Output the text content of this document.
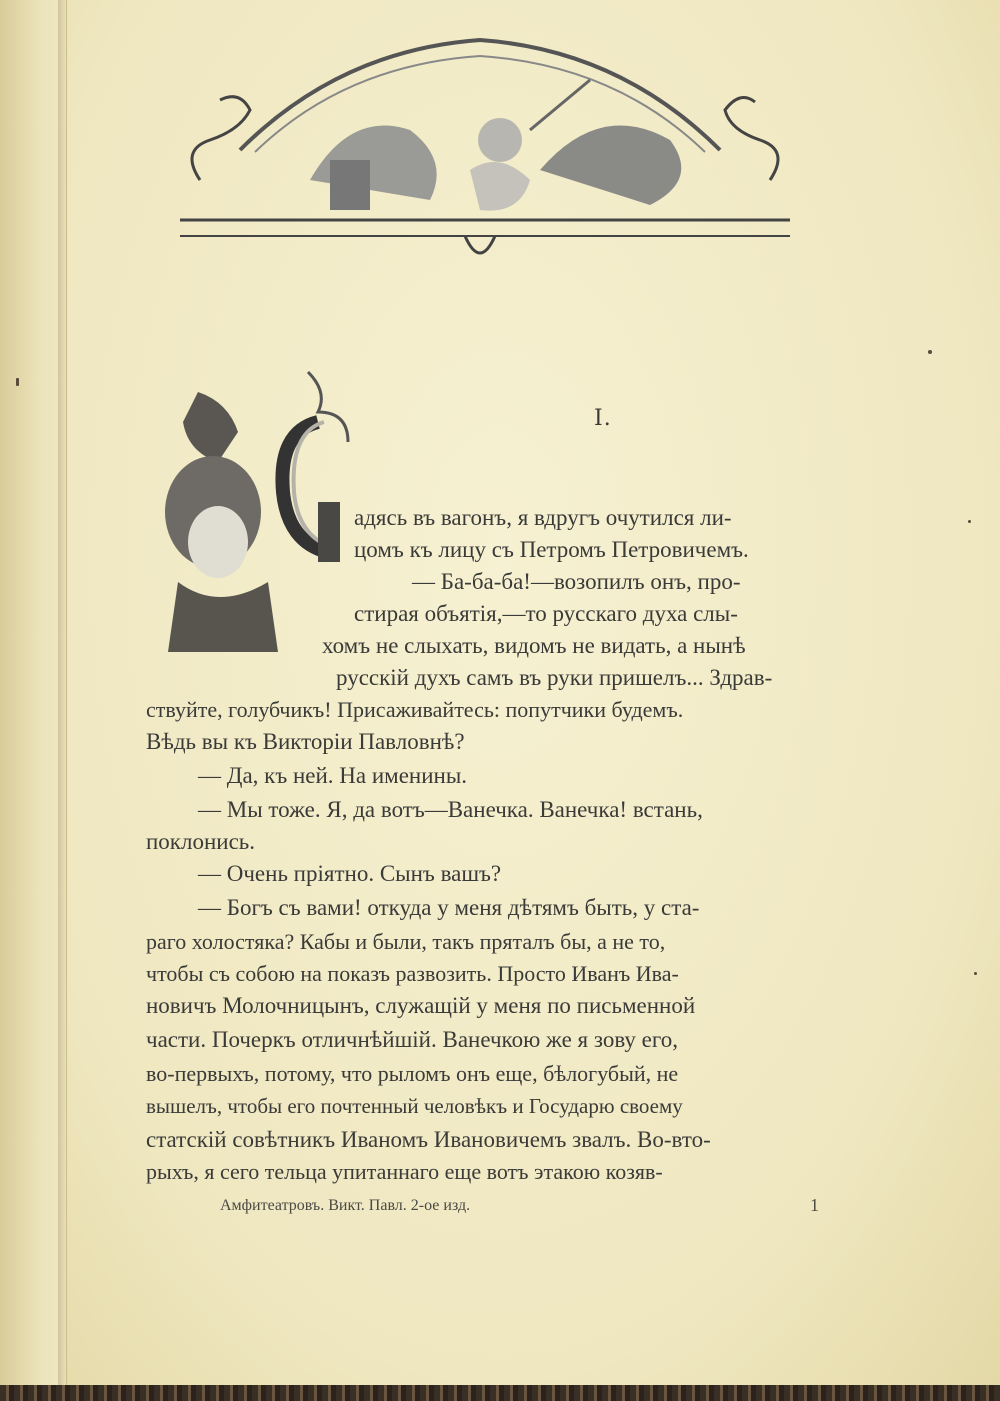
I.
адясь въ вагонъ, я вдругъ очутился ли-
цомъ къ лицу съ Петромъ Петровичемъ.
— Ба-ба-ба!—возопилъ онъ, про-
стирая объятія,—то русскаго духа слы-
хомъ не слыхать, видомъ не видать, а нынѣ
русскій духъ самъ въ руки пришелъ... Здрав-
ствуйте, голубчикъ! Присаживайтесь: попутчики будемъ.
Вѣдь вы къ Викторіи Павловнѣ?
— Да, къ ней. На именины.
— Мы тоже. Я, да вотъ—Ванечка. Ванечка! встань,
поклонись.
— Очень пріятно. Сынъ вашъ?
— Богъ съ вами! откуда у меня дѣтямъ быть, у ста-
раго холостяка? Кабы и были, такъ пряталъ бы, а не то,
чтобы съ собою на показъ развозить. Просто Иванъ Ива-
новичъ Молочницынъ, служащій у меня по письменной
части. Почеркъ отличнѣйшій. Ванечкою же я зову его,
во-первыхъ, потому, что рыломъ онъ еще, бѣлогубый, не
вышелъ, чтобы его почтенный человѣкъ и Государю своему
статскій совѣтникъ Иваномъ Ивановичемъ звалъ. Во-вто-
рыхъ, я сего тельца упитаннаго еще вотъ этакою козяв-
Амфитеатровъ. Викт. Павл. 2-ое изд.	1
